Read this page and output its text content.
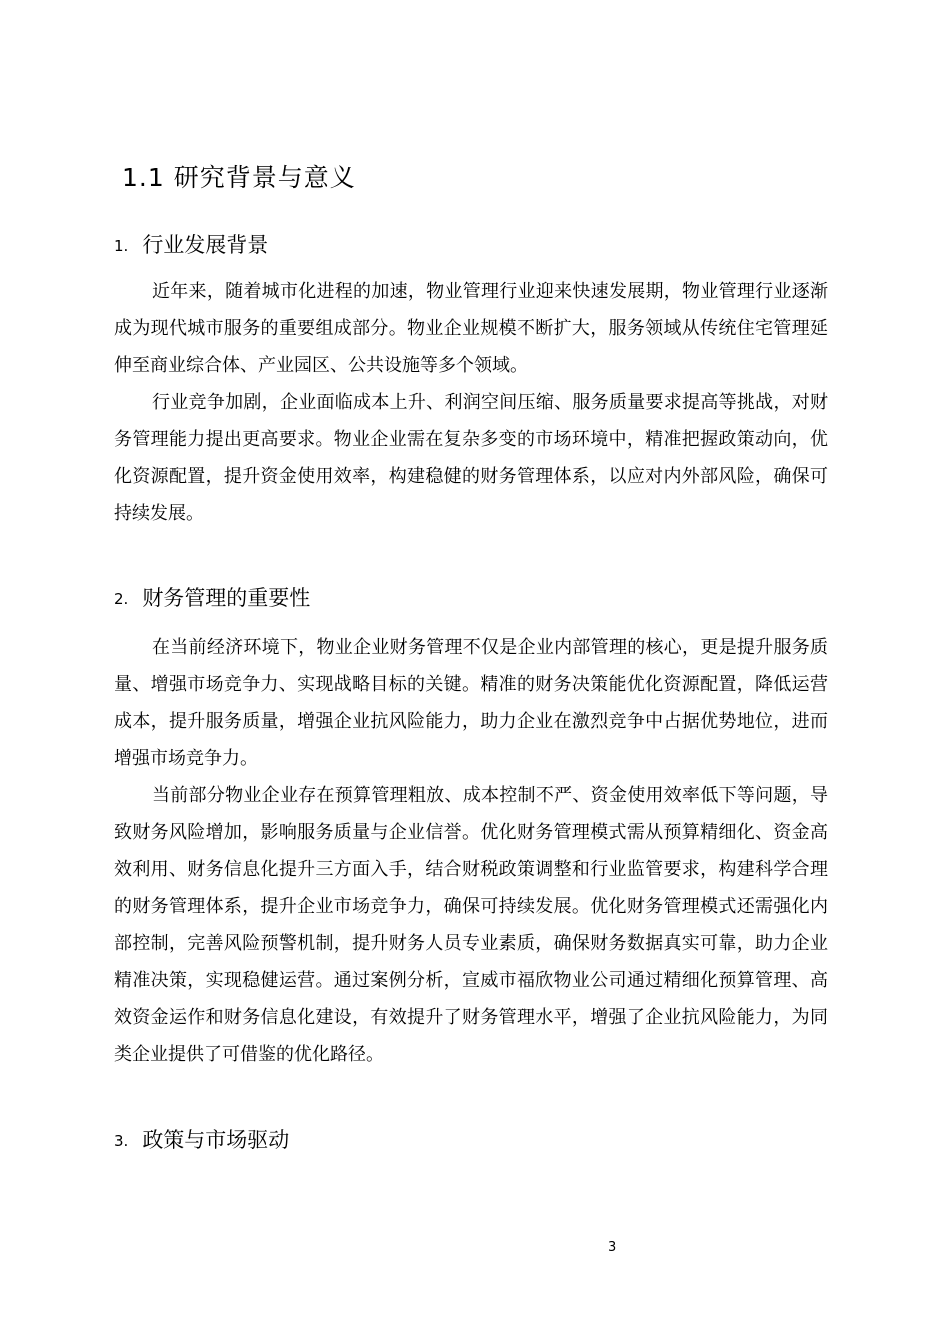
1.1 研究背景与意义
1. 行业发展背景

近年来，随着城市化进程的加速，物业管理行业迎来快速发展期，物业管理行业逐渐成为现代城市服务的重要组成部分。物业企业规模不断扩大，服务领域从传统住宅管理延伸至商业综合体、产业园区、公共设施等多个领域。

行业竞争加剧，企业面临成本上升、利润空间压缩、服务质量要求提高等挑战，对财务管理能力提出更高要求。物业企业需在复杂多变的市场环境中，精准把握政策动向，优化资源配置，提升资金使用效率，构建稳健的财务管理体系，以应对内外部风险，确保可持续发展。

2. 财务管理的重要性

在当前经济环境下，物业企业财务管理不仅是企业内部管理的核心，更是提升服务质量、增强市场竞争力、实现战略目标的关键。精准的财务决策能优化资源配置，降低运营成本，提升服务质量，增强企业抗风险能力，助力企业在激烈竞争中占据优势地位，进而增强市场竞争力。

当前部分物业企业存在预算管理粗放、成本控制不严、资金使用效率低下等问题，导致财务风险增加，影响服务质量与企业信誉。优化财务管理模式需从预算精细化、资金高效利用、财务信息化提升三方面入手，结合财税政策调整和行业监管要求，构建科学合理的财务管理体系，提升企业市场竞争力，确保可持续发展。优化财务管理模式还需强化内部控制，完善风险预警机制，提升财务人员专业素质，确保财务数据真实可靠，助力企业精准决策，实现稳健运营。通过案例分析，宣威市福欣物业公司通过精细化预算管理、高效资金运作和财务信息化建设，有效提升了财务管理水平，增强了企业抗风险能力，为同类企业提供了可借鉴的优化路径。

3. 政策与市场驱动
3
